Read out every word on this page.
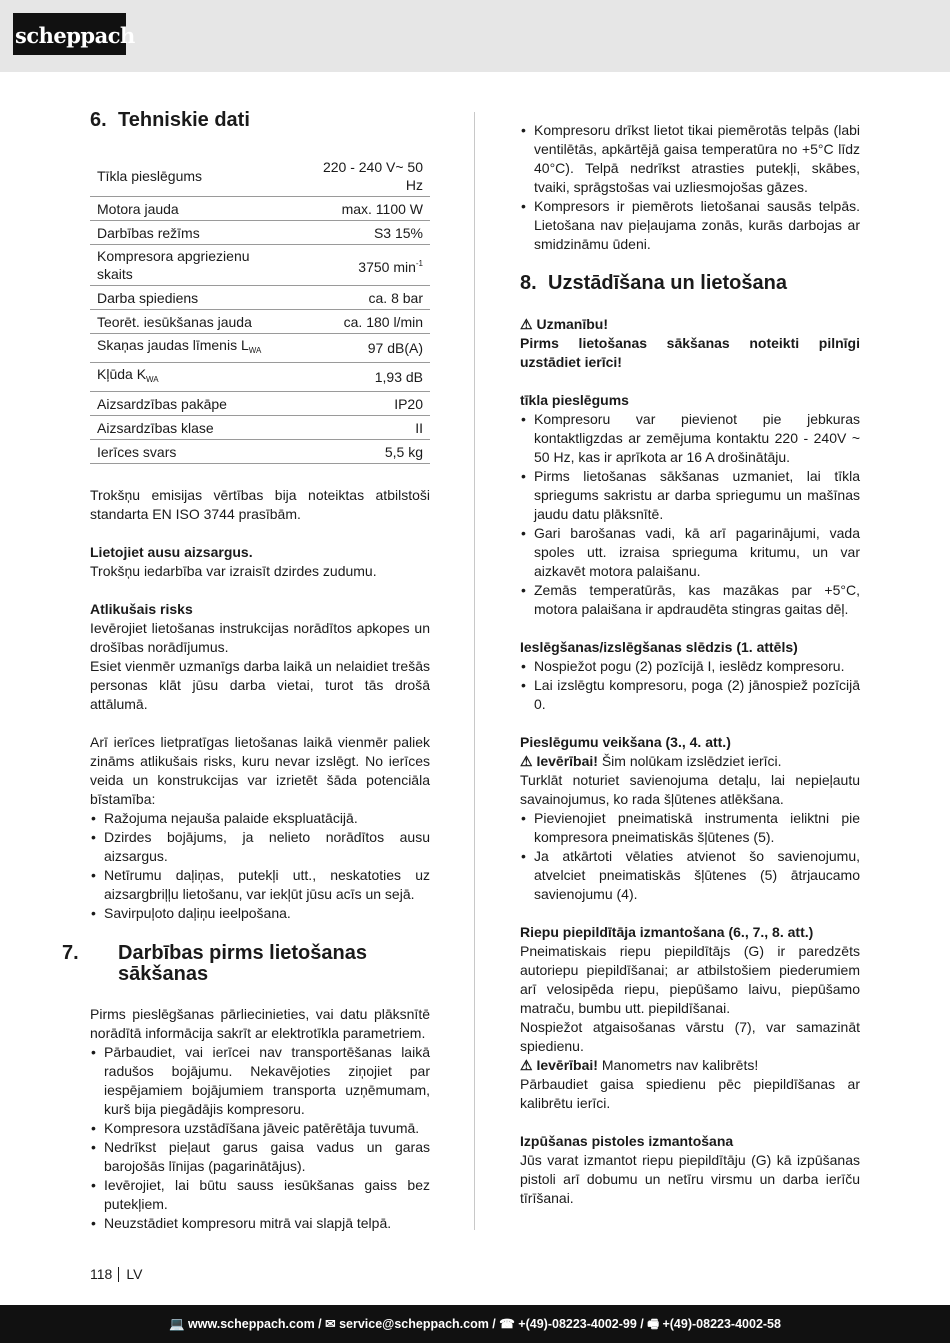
scheppach
6. Tehniskie dati
Tīkla pieslēgums	220 - 240 V~ 50 Hz
Motora jauda	max. 1100 W
Darbības režīms	S3 15%
Kompresora apgriezienu skaits	3750 $\min^{-1}$
Darba spiediens	ca. 8 bar
Teorēt. iesūkšanas jauda	ca. 180 l/min
Skaņas jaudas līmenis $L_{WA}$	97 dB(A)
Kļūda $K_{WA}$	1,93 dB
Aizsardzības pakāpe	IP20
Aizsardzības klase	II
Ierīces svars	5,5 kg

Trokšņu emisijas vērtības bija noteiktas atbilstoši standarta EN ISO 3744 prasībām.

Lietojiet ausu aizsargus.

Trokšņu iedarbība var izraisīt dzirdes zudumu.

Atlikušais risks

Ievērojiet lietošanas instrukcijas norādītos apkopes un drošības norādījumus.

Esiet vienmēr uzmanīgs darba laikā un nelaidiet trešās personas klāt jūsu darba vietai, turot tās drošā attālumā.

Arī ierīces lietpratīgas lietošanas laikā vienmēr paliek zināms atlikušais risks, kuru nevar izslēgt. No ierīces veida un konstrukcijas var izrietēt šāda potenciāla bīstamība:

• Ražojuma nejauša palaide ekspluatācijā.
• Dzirdes bojājums, ja nelieto norādītos ausu aizsargus.
• Netīrumu daļiņas, putekļi utt., neskatoties uz aizsargbriļļu lietošanu, var iekļūt jūsu acīs un sejā.
• Savirpuļoto daļiņu ieelpošana.
7. Darbības pirms lietošanas sākšanas

Pirms pieslēgšanas pārliecinieties, vai datu plāksnītē norādītā informācija sakrīt ar elektrotīkla parametriem.

• Pārbaudiet, vai ierīcei nav transportēšanas laikā radušos bojājumu. Nekavējoties ziņojiet par iespējamiem bojājumiem transporta uzņēmumam, kurš bija piegādājis kompresoru.
• Kompresora uzstādīšana jāveic patērētāja tuvumā.
• Nedrīkst pieļaut garus gaisa vadus un garas barojošās līnijas (pagarinātājus).
• Ievērojiet, lai būtu sauss iesūkšanas gaiss bez putekļiem.
• Neuzstādiet kompresoru mitrā vai slapjā telpā.
• Kompresoru drīkst lietot tikai piemērotās telpās (labi ventilētās, apkārtējā gaisa temperatūra no +5°C līdz 40°C). Telpā nedrīkst atrasties putekļi, skābes, tvaiki, sprāgstošas vai uzliesmojošas gāzes.
• Kompresors ir piemērots lietošanai sausās telpās. Lietošana nav pieļaujama zonās, kurās darbojas ar smidzināmu ūdeni.
8. Uzstādīšana un lietošana

⚠ Uzmanību!

Pirms lietošanas sākšanas noteikti pilnīgi uzstādiet ierīci!

tīkla pieslēgums

• Kompresoru var pievienot pie jebkuras kontaktligzdas ar zemējuma kontaktu 220 - 240V ~ 50 Hz, kas ir aprīkota ar 16 A drošinātāju.
• Pirms lietošanas sākšanas uzmaniet, lai tīkla spriegums sakristu ar darba spriegumu un mašīnas jaudu datu plāksnītē.
• Gari barošanas vadi, kā arī pagarinājumi, vada spoles utt. izraisa sprieguma kritumu, un var aizkavēt motora palaišanu.
• Zemās temperatūrās, kas mazākas par +5°C, motora palaišana ir apdraudēta stingras gaitas dēļ.

Ieslēgšanas/izslēgšanas slēdzis (1. attēls)

• Nospiežot pogu (2) pozīcijā I, ieslēdz kompresoru.
• Lai izslēgtu kompresoru, poga (2) jānospiež pozīcijā 0.

Pieslēgumu veikšana (3., 4. att.)

⚠ Ievērībai! Šim nolūkam izslēdziet ierīci.

Turklāt noturiet savienojuma detaļu, lai nepieļautu savainojumus, ko rada šļūtenes atlēkšana.

• Pievienojiet pneimatiskā instrumenta ieliktni pie kompresora pneimatiskās šļūtenes (5).
• Ja atkārtoti vēlaties atvienot šo savienojumu, atvelciet pneimatiskās šļūtenes (5) ātrjaucamo savienojumu (4).

Riepu piepildītāja izmantošana (6., 7., 8. att.)

Pneimatiskais riepu piepildītājs (G) ir paredzēts autoriepu piepildīšanai; ar atbilstošiem piederumiem arī velosipēda riepu, piepūšamo laivu, piepūšamo matraču, bumbu utt. piepildīšanai.

Nospiežot atgaisošanas vārstu (7), var samazināt spiedienu.

⚠ Ievērībai! Manometrs nav kalibrēts!

Pārbaudiet gaisa spiedienu pēc piepildīšanas ar kalibrētu ierīci.

Izpūšanas pistoles izmantošana

Jūs varat izmantot riepu piepildītāju (G) kā izpūšanas pistoli arī dobumu un netīru virsmu un darba ierīču tīrīšanai.

118 LV
💻 www.scheppach.com / ✉ service@scheppach.com / ☎ +(49)-08223-4002-99 / 🖷 +(49)-08223-4002-58
